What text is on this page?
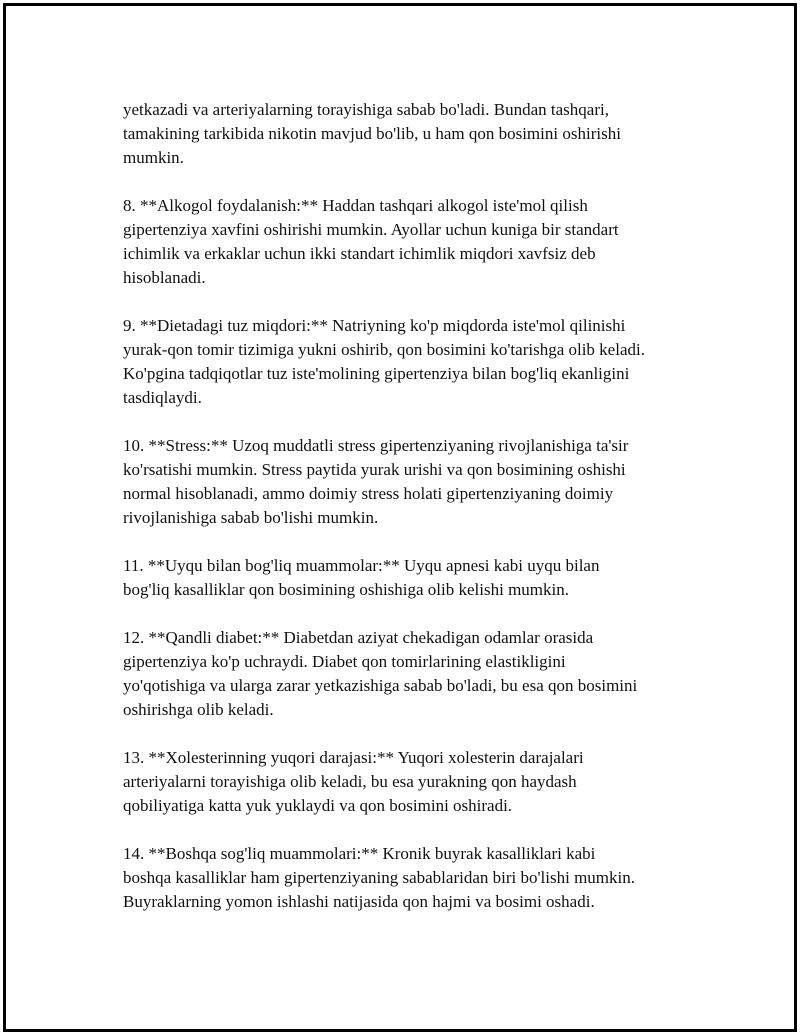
yetkazadi va arteriyalarning torayishiga sabab bo'ladi. Bundan tashqari,
tamakining tarkibida nikotin mavjud bo'lib, u ham qon bosimini oshirishi
mumkin.

8. **Alkogol foydalanish:** Haddan tashqari alkogol iste'mol qilish
gipertenziya xavfini oshirishi mumkin. Ayollar uchun kuniga bir standart
ichimlik va erkaklar uchun ikki standart ichimlik miqdori xavfsiz deb
hisoblanadi.

9. **Dietadagi tuz miqdori:** Natriyning ko'p miqdorda iste'mol qilinishi
yurak-qon tomir tizimiga yukni oshirib, qon bosimini ko'tarishga olib keladi.
Ko'pgina tadqiqotlar tuz iste'molining gipertenziya bilan bog'liq ekanligini
tasdiqlaydi.

10. **Stress:** Uzoq muddatli stress gipertenziyaning rivojlanishiga ta'sir
ko'rsatishi mumkin. Stress paytida yurak urishi va qon bosimining oshishi
normal hisoblanadi, ammo doimiy stress holati gipertenziyaning doimiy
rivojlanishiga sabab bo'lishi mumkin.

11. **Uyqu bilan bog'liq muammolar:** Uyqu apnesi kabi uyqu bilan
bog'liq kasalliklar qon bosimining oshishiga olib kelishi mumkin.

12. **Qandli diabet:** Diabetdan aziyat chekadigan odamlar orasida
gipertenziya ko'p uchraydi. Diabet qon tomirlarining elastikligini
yo'qotishiga va ularga zarar yetkazishiga sabab bo'ladi, bu esa qon bosimini
oshirishga olib keladi.

13. **Xolesterinning yuqori darajasi:** Yuqori xolesterin darajalari
arteriyalarni torayishiga olib keladi, bu esa yurakning qon haydash
qobiliyatiga katta yuk yuklaydi va qon bosimini oshiradi.

14. **Boshqa sog'liq muammolari:** Kronik buyrak kasalliklari kabi
boshqa kasalliklar ham gipertenziyaning sabablaridan biri bo'lishi mumkin.
Buyraklarning yomon ishlashi natijasida qon hajmi va bosimi oshadi.
